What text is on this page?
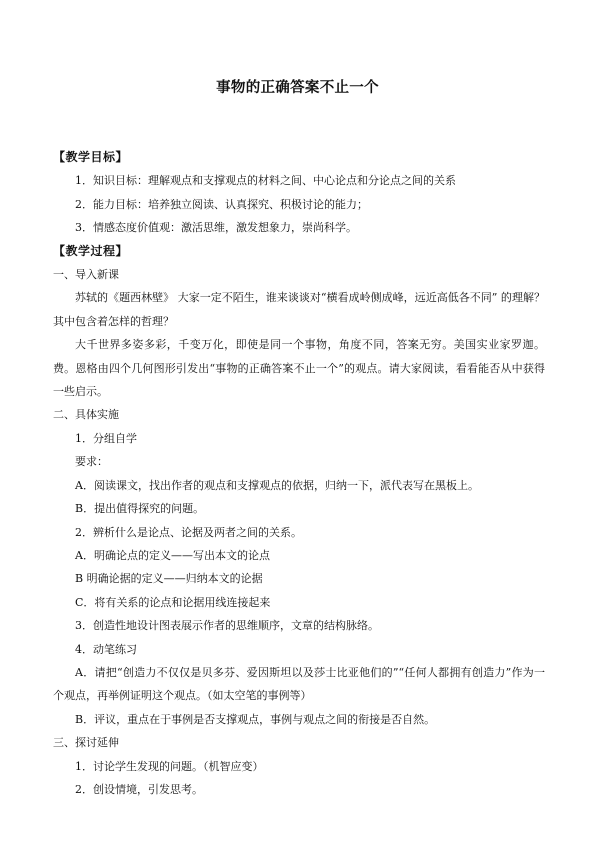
事物的正确答案不止一个
【教学目标】
1．知识目标：理解观点和支撑观点的材料之间、中心论点和分论点之间的关系
2．能力目标：培养独立阅读、认真探究、积极讨论的能力；
3．情感态度价值观：激活思维，激发想象力，崇尚科学。
【教学过程】
一、导入新课
苏轼的《题西林壁》 大家一定不陌生，谁来谈谈对“横看成岭侧成峰，远近高低各不同” 的理解？其中包含着怎样的哲理？
大千世界多姿多彩，千变万化，即使是同一个事物，角度不同，答案无穷。美国实业家罗迦。费。恩格由四个几何图形引发出“事物的正确答案不止一个”的观点。请大家阅读，看看能否从中获得一些启示。
二、具体实施
1．分组自学
要求：
A．阅读课文，找出作者的观点和支撑观点的依据，归纳一下，派代表写在黑板上。
B．提出值得探究的问题。
2．辨析什么是论点、论据及两者之间的关系。
A．明确论点的定义——写出本文的论点
B 明确论据的定义——归纳本文的论据
C．将有关系的论点和论据用线连接起来
3．创造性地设计图表展示作者的思维顺序，文章的结构脉络。
4．动笔练习
A．请把“创造力不仅仅是贝多芬、爱因斯坦以及莎士比亚他们的”“任何人都拥有创造力”作为一个观点，再举例证明这个观点。（如太空笔的事例等）
B．评议，重点在于事例是否支撑观点，事例与观点之间的衔接是否自然。
三、探讨延伸
1．讨论学生发现的问题。（机智应变）
2．创设情境，引发思考。
